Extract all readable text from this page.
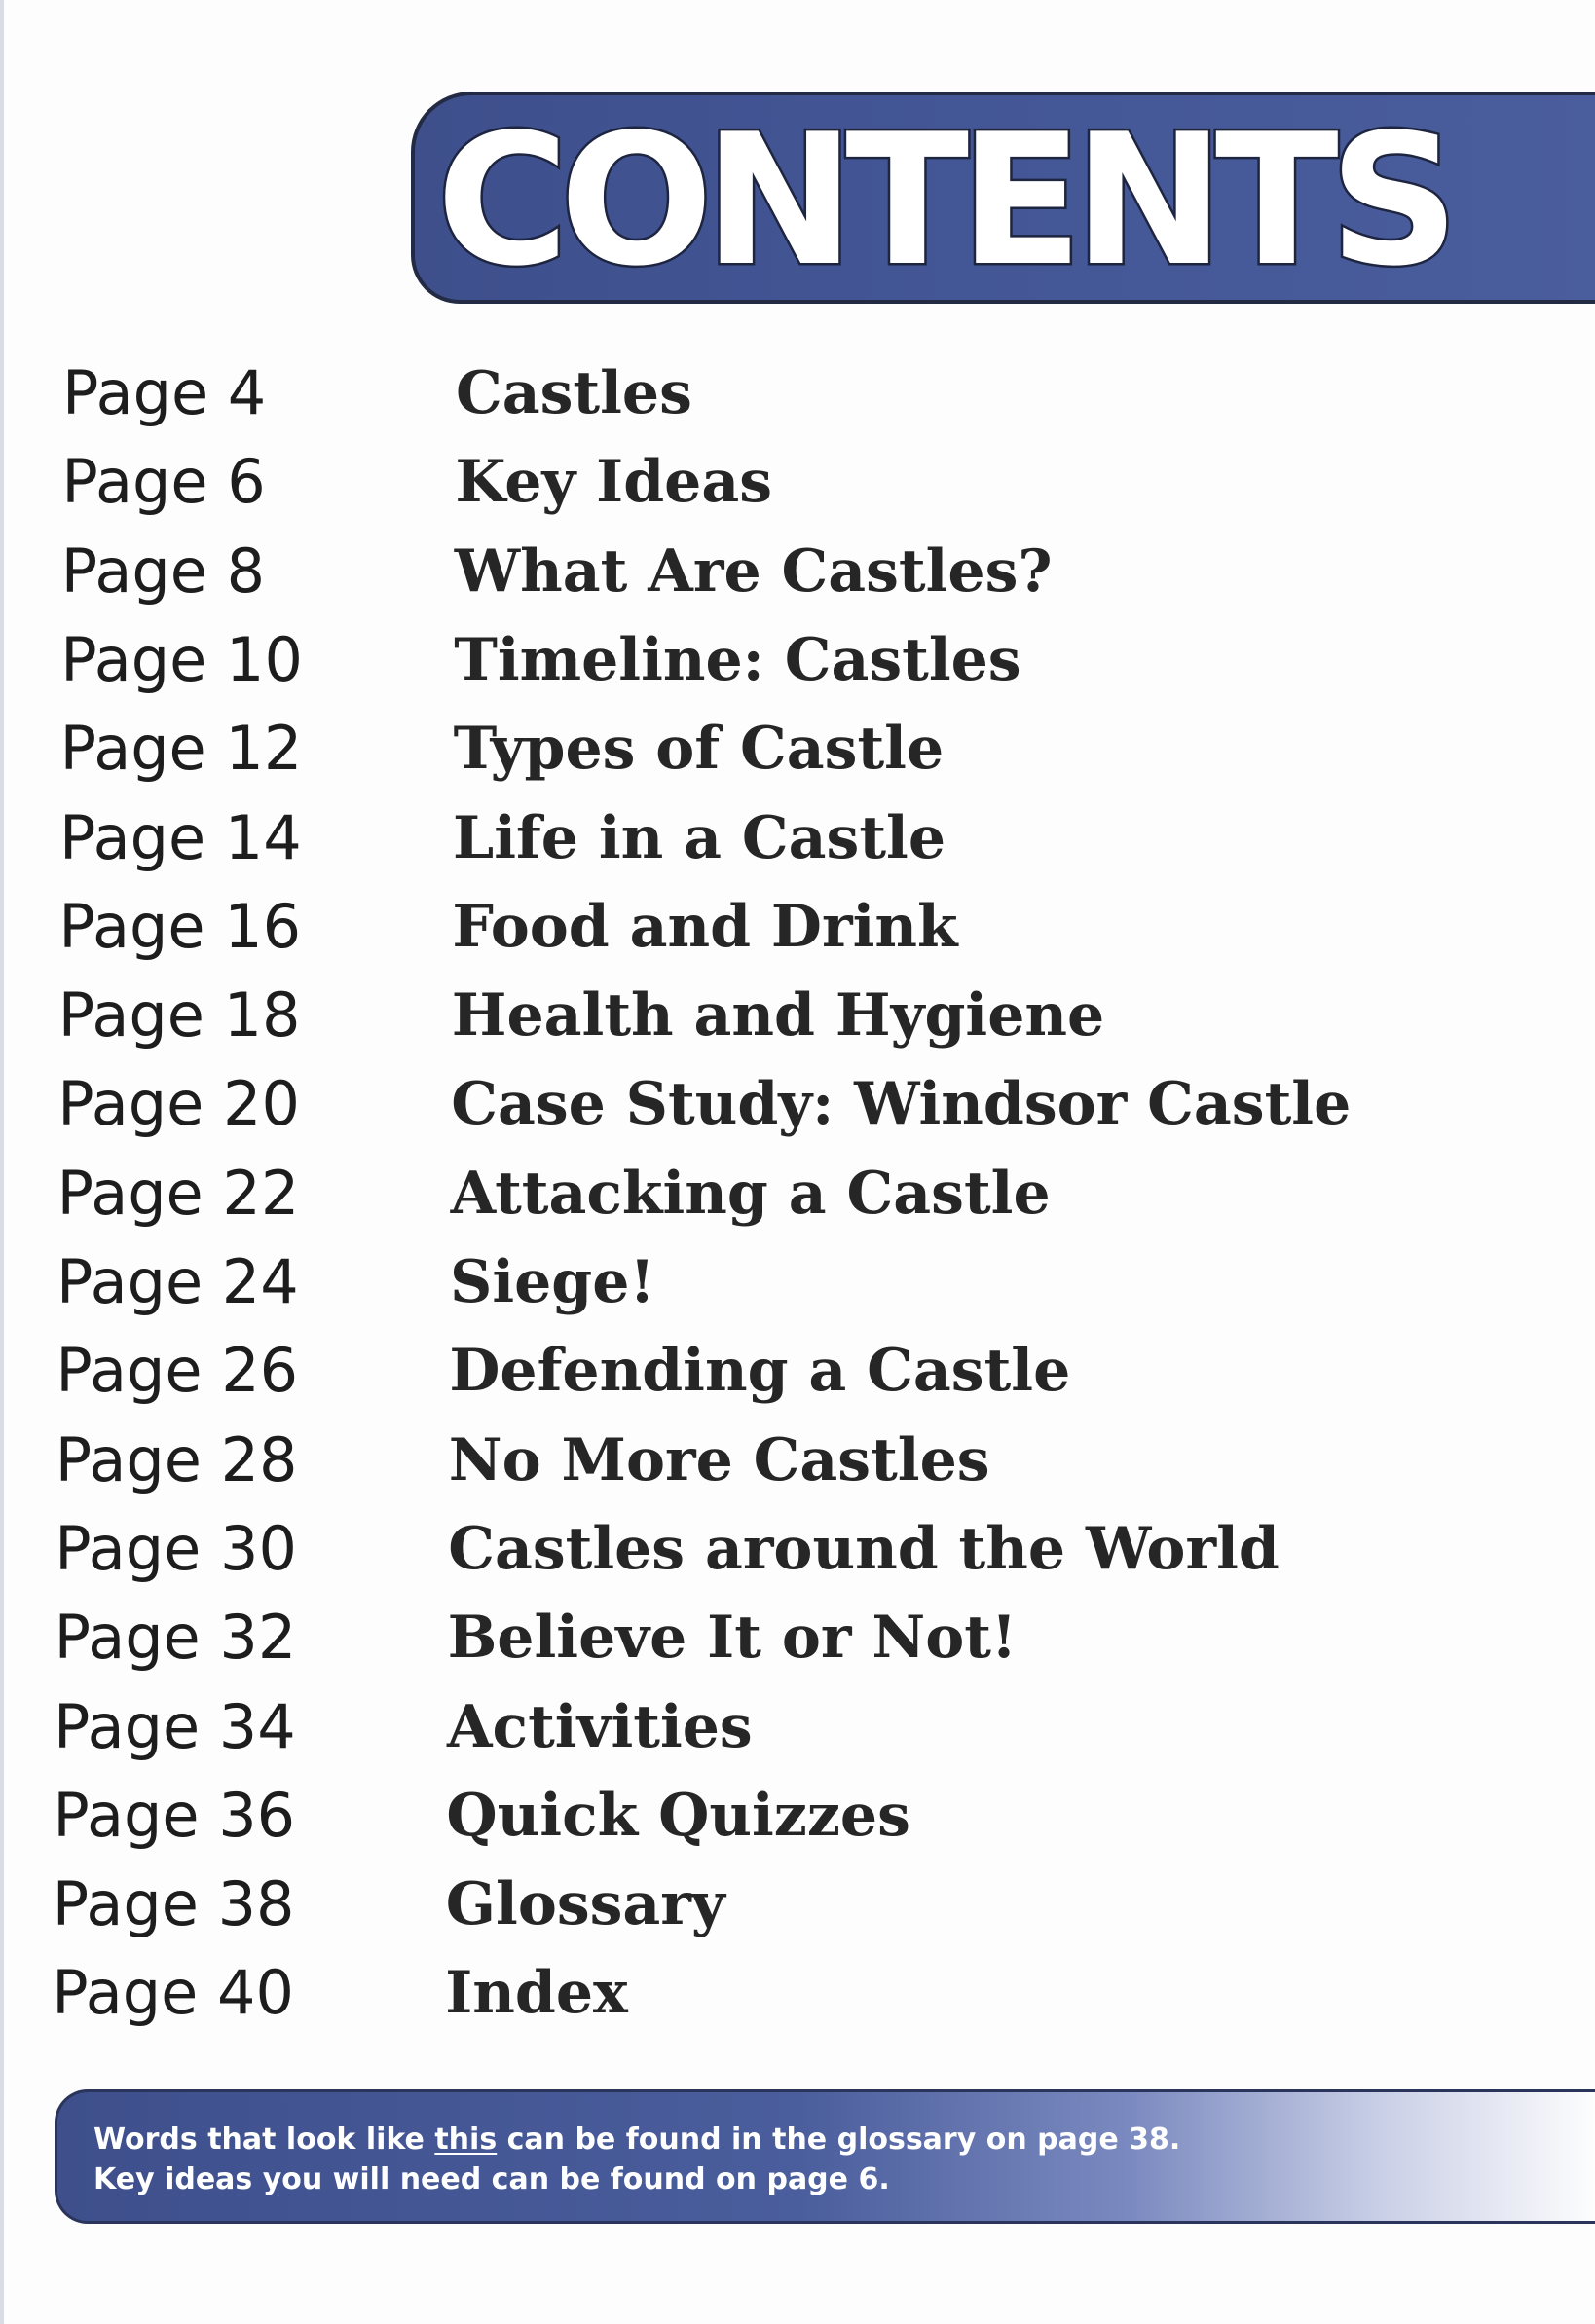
CONTENTS
Page 4	Castles
Page 6	Key Ideas
Page 8	What Are Castles?
Page 10	Timeline: Castles
Page 12	Types of Castle
Page 14	Life in a Castle
Page 16	Food and Drink
Page 18	Health and Hygiene
Page 20	Case Study: Windsor Castle
Page 22	Attacking a Castle
Page 24	Siege!
Page 26	Defending a Castle
Page 28	No More Castles
Page 30	Castles around the World
Page 32	Believe It or Not!
Page 34	Activities
Page 36	Quick Quizzes
Page 38	Glossary
Page 40	Index
Words that look like this can be found in the glossary on page 38.
Key ideas you will need can be found on page 6.
